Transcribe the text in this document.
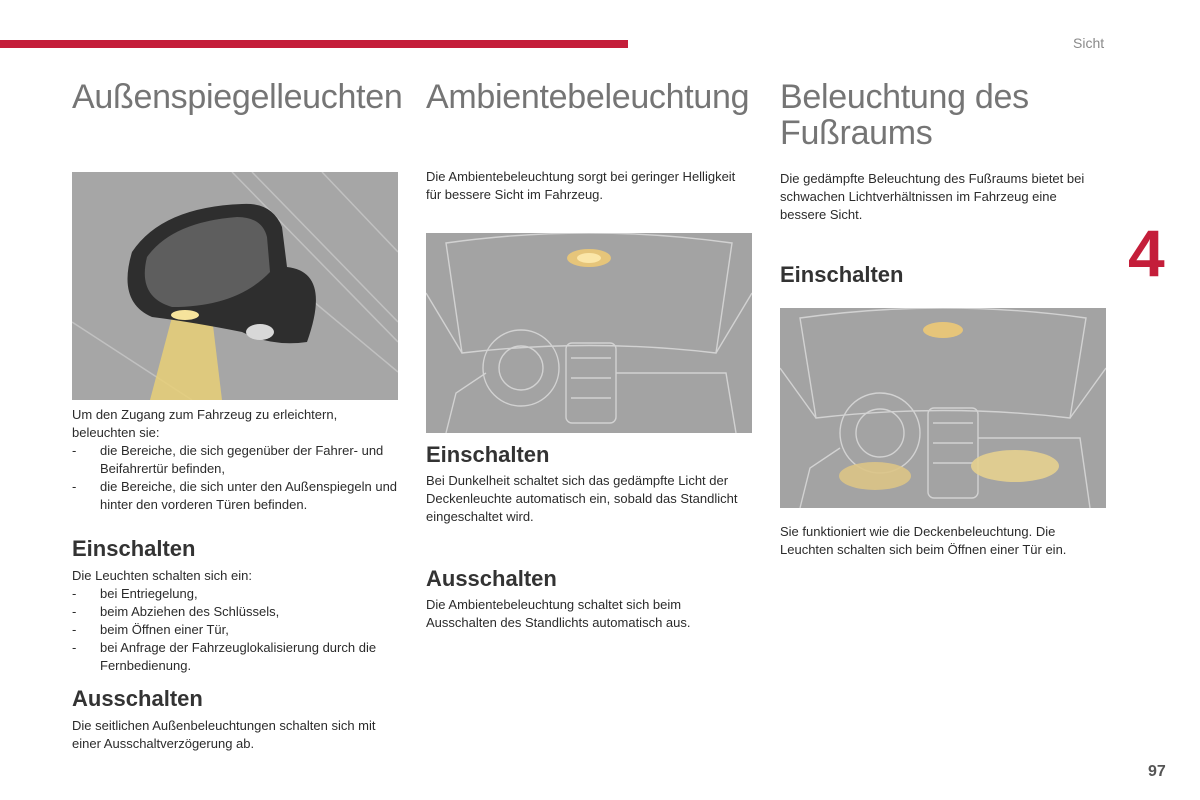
Sicht
4
97
Außenspiegelleuchten

Um den Zugang zum Fahrzeug zu erleichtern, beleuchten sie:

- die Bereiche, die sich gegenüber der Fahrer- und Beifahrertür befinden,
- die Bereiche, die sich unter den Außenspiegeln und hinter den vorderen Türen befinden.
Einschalten

Die Leuchten schalten sich ein:

- bei Entriegelung,
- beim Abziehen des Schlüssels,
- beim Öffnen einer Tür,
- bei Anfrage der Fahrzeuglokalisierung durch die Fernbedienung.
Ausschalten

Die seitlichen Außenbeleuchtungen schalten sich mit einer Ausschaltverzögerung ab.

Ambientebeleuchtung

Die Ambientebeleuchtung sorgt bei geringer Helligkeit für bessere Sicht im Fahrzeug.

Einschalten

Bei Dunkelheit schaltet sich das gedämpfte Licht der Deckenleuchte automatisch ein, sobald das Standlicht eingeschaltet wird.

Ausschalten

Die Ambientebeleuchtung schaltet sich beim Ausschalten des Standlichts automatisch aus.

Beleuchtung des
Fußraums

Die gedämpfte Beleuchtung des Fußraums bietet bei schwachen Lichtverhältnissen im Fahrzeug eine bessere Sicht.

Einschalten

Sie funktioniert wie die Deckenbeleuchtung. Die Leuchten schalten sich beim Öffnen einer Tür ein.
